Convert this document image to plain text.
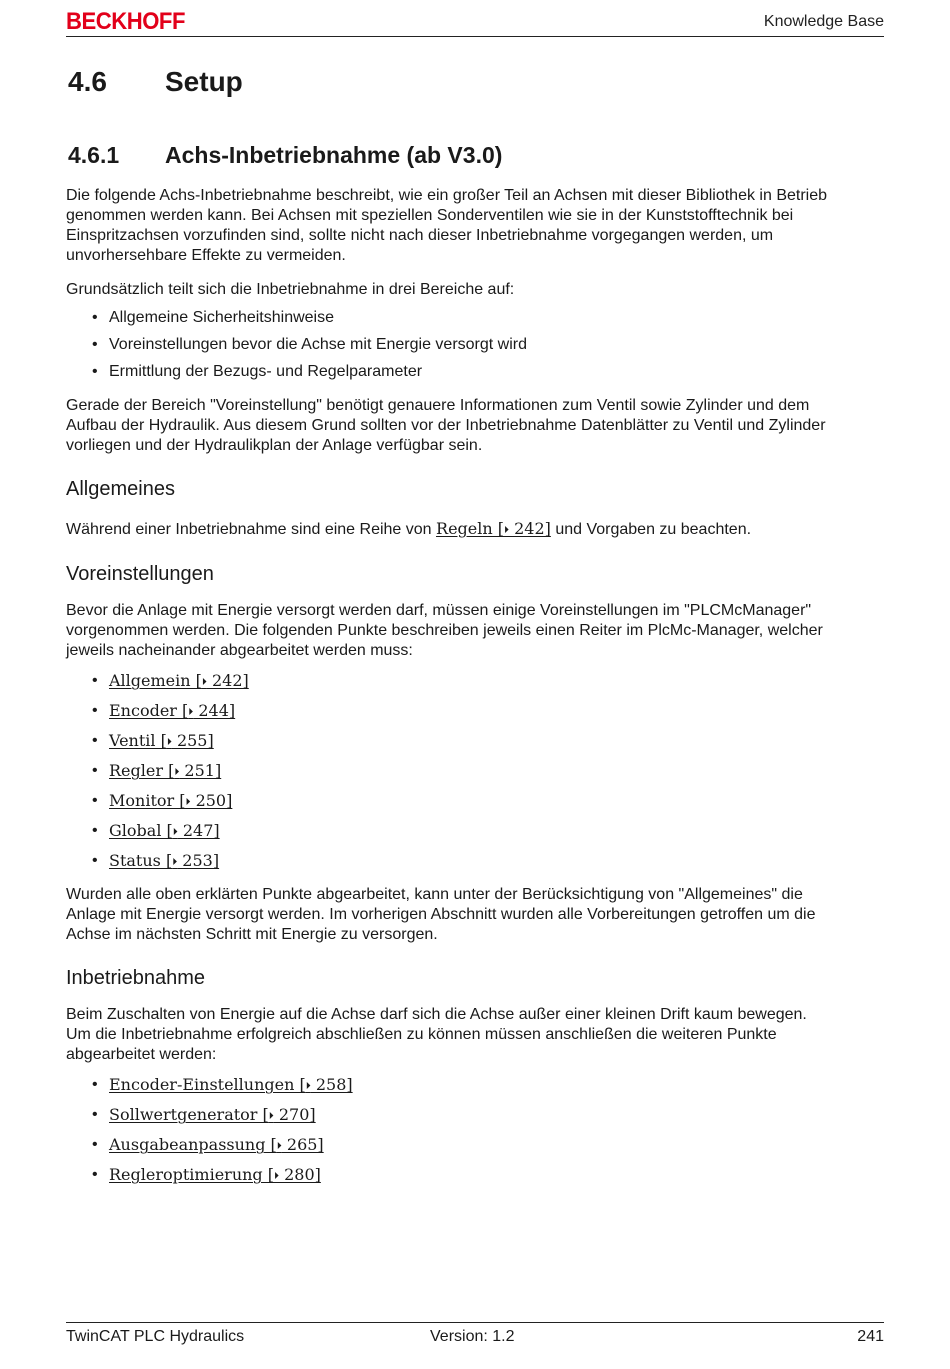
BECKHOFF	Knowledge Base
4.6 Setup
4.6.1 Achs-Inbetriebnahme (ab V3.0)
Die folgende Achs-Inbetriebnahme beschreibt, wie ein großer Teil an Achsen mit dieser Bibliothek in Betrieb
genommen werden kann. Bei Achsen mit speziellen Sonderventilen wie sie in der Kunststofftechnik bei
Einspritzachsen vorzufinden sind, sollte nicht nach dieser Inbetriebnahme vorgegangen werden, um
unvorhersehbare Effekte zu vermeiden.
Grundsätzlich teilt sich die Inbetriebnahme in drei Bereiche auf:
• Allgemeine Sicherheitshinweise
• Voreinstellungen bevor die Achse mit Energie versorgt wird
• Ermittlung der Bezugs- und Regelparameter
Gerade der Bereich "Voreinstellung" benötigt genauere Informationen zum Ventil sowie Zylinder und dem
Aufbau der Hydraulik. Aus diesem Grund sollten vor der Inbetriebnahme Datenblätter zu Ventil und Zylinder
vorliegen und der Hydraulikplan der Anlage verfügbar sein.
Allgemeines
Während einer Inbetriebnahme sind eine Reihe von Regeln [⏵ 242] und Vorgaben zu beachten.
Voreinstellungen
Bevor die Anlage mit Energie versorgt werden darf, müssen einige Voreinstellungen im "PLCMcManager"
vorgenommen werden. Die folgenden Punkte beschreiben jeweils einen Reiter im PlcMc-Manager, welcher
jeweils nacheinander abgearbeitet werden muss:
• Allgemein [⏵ 242]
• Encoder [⏵ 244]
• Ventil [⏵ 255]
• Regler [⏵ 251]
• Monitor [⏵ 250]
• Global [⏵ 247]
• Status [⏵ 253]
Wurden alle oben erklärten Punkte abgearbeitet, kann unter der Berücksichtigung von "Allgemeines" die
Anlage mit Energie versorgt werden. Im vorherigen Abschnitt wurden alle Vorbereitungen getroffen um die
Achse im nächsten Schritt mit Energie zu versorgen.
Inbetriebnahme
Beim Zuschalten von Energie auf die Achse darf sich die Achse außer einer kleinen Drift kaum bewegen.
Um die Inbetriebnahme erfolgreich abschließen zu können müssen anschließen die weiteren Punkte
abgearbeitet werden:
• Encoder-Einstellungen [⏵ 258]
• Sollwertgenerator [⏵ 270]
• Ausgabeanpassung [⏵ 265]
• Regleroptimierung [⏵ 280]
TwinCAT PLC Hydraulics	Version: 1.2	241
